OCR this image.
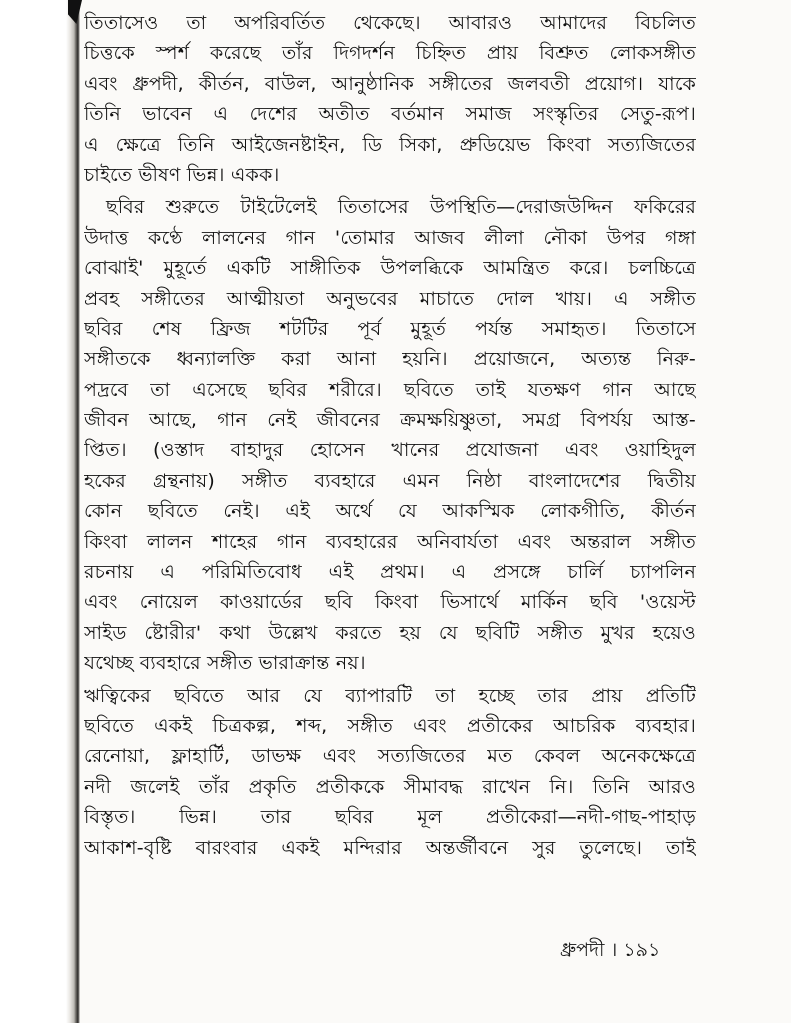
তিতাসেও তা অপরিবর্তিত থেকেছে। আবারও আমাদের বিচলিত
চিত্তকে স্পর্শ করেছে তাঁর দিগদর্শন চিহ্নিত প্রায় বিশ্রুত লোকসঙ্গীত
এবং ধ্রুপদী, কীর্তন, বাউল, আনুষ্ঠানিক সঙ্গীতের জলবতী প্রয়োগ। যাকে
তিনি ভাবেন এ দেশের অতীত বর্তমান সমাজ সংস্কৃতির সেতু-রূপ।
এ ক্ষেত্রে তিনি আইজেনষ্টাইন, ডি সিকা, প্রুডিয়েভ কিংবা সত্যজিতের
চাইতে ভীষণ ভিন্ন। একক।
ছবির শুরুতে টাইটেলেই তিতাসের উপস্থিতি—দেরাজউদ্দিন ফকিরের
উদাত্ত কণ্ঠে লালনের গান 'তোমার আজব লীলা নৌকা উপর গঙ্গা
বোঝাই' মুহূর্তে একটি সাঙ্গীতিক উপলব্ধিকে আমন্ত্রিত করে। চলচ্চিত্রে
প্রবহ সঙ্গীতের আত্মীয়তা অনুভবের মাচাতে দোল খায়। এ সঙ্গীত
ছবির শেষ ফ্রিজ শটটির পূর্ব মুহূর্ত পর্যন্ত সমাহৃত। তিতাসে
সঙ্গীতকে ধ্বন্যালক্তি করা আনা হয়নি। প্রয়োজনে, অত্যন্ত নিরু-
পদ্রবে তা এসেছে ছবির শরীরে। ছবিতে তাই যতক্ষণ গান আছে
জীবন আছে, গান নেই জীবনের ক্রমক্ষয়িষ্ণুতা, সমগ্র বিপর্যয় আস্ত-
প্তিত। (ওস্তাদ বাহাদুর হোসেন খানের প্রযোজনা এবং ওয়াহিদুল
হকের গ্রন্থনায়) সঙ্গীত ব্যবহারে এমন নিষ্ঠা বাংলাদেশের দ্বিতীয়
কোন ছবিতে নেই। এই অর্থে যে আকস্মিক লোকগীতি, কীর্তন
কিংবা লালন শাহের গান ব্যবহারের অনিবার্যতা এবং অন্তরাল সঙ্গীত
রচনায় এ পরিমিতিবোধ এই প্রথম। এ প্রসঙ্গে চার্লি চ্যাপলিন
এবং নোয়েল কাওয়ার্ডের ছবি কিংবা ভিসার্থে মার্কিন ছবি 'ওয়েস্ট
সাইড ষ্টোরীর' কথা উল্লেখ করতে হয় যে ছবিটি সঙ্গীত মুখর হয়েও
যথেচ্ছ ব্যবহারে সঙ্গীত ভারাক্রান্ত নয়।
ঋত্বিকের ছবিতে আর যে ব্যাপারটি তা হচ্ছে তার প্রায় প্রতিটি
ছবিতে একই চিত্রকল্প, শব্দ, সঙ্গীত এবং প্রতীকের আচরিক ব্যবহার।
রেনোয়া, ফ্লাহার্টি, ডাভক্ষ এবং সত্যজিতের মত কেবল অনেকক্ষেত্রে
নদী জলেই তাঁর প্রকৃতি প্রতীককে সীমাবদ্ধ রাখেন নি। তিনি আরও
বিস্তৃত। ভিন্ন। তার ছবির মূল প্রতীকেরা—নদী-গাছ-পাহাড়
আকাশ-বৃষ্টি বারংবার একই মন্দিরার অন্তর্জীবনে সুর তুলেছে। তাই
ধ্রুপদী । ১৯১
